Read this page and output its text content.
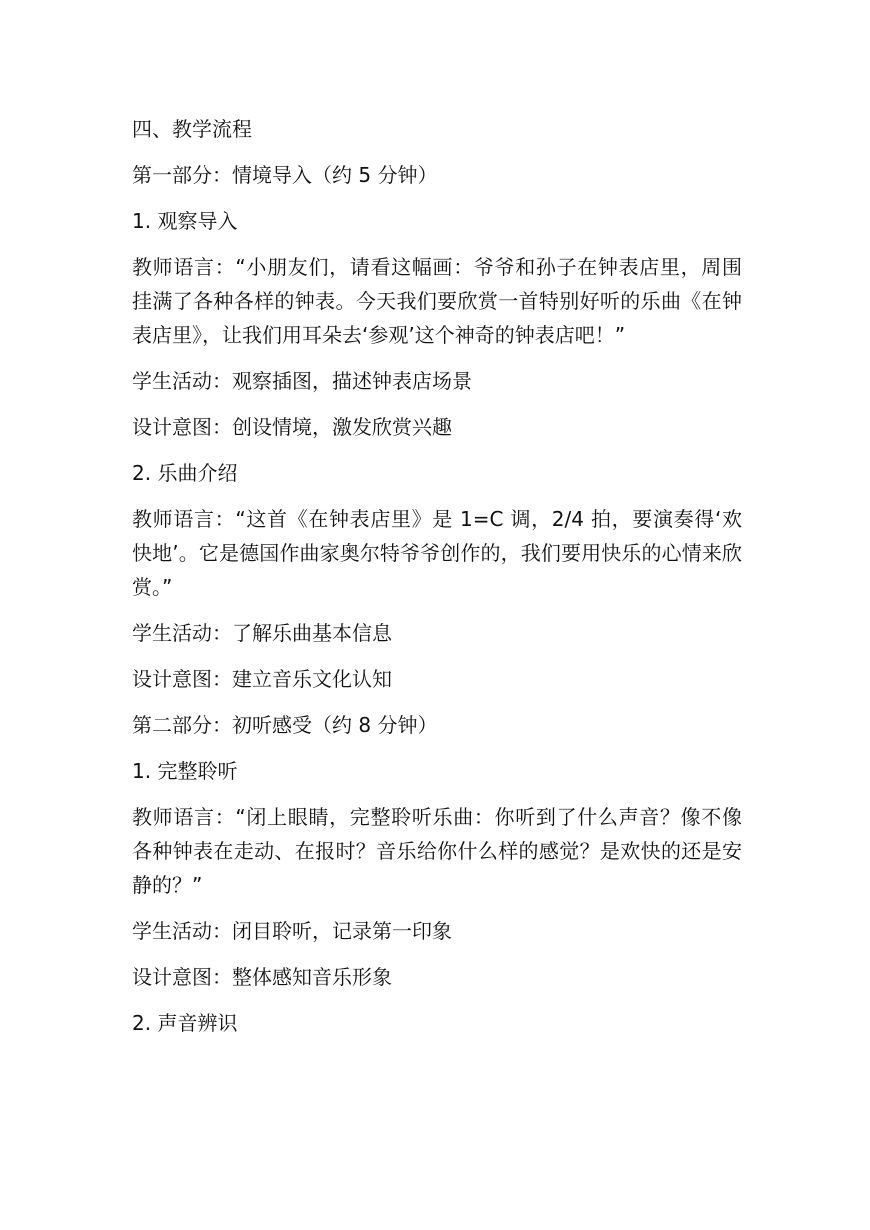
四、教学流程

第一部分：情境导入（约 5 分钟）

1. 观察导入

教师语言：“小朋友们，请看这幅画：爷爷和孙子在钟表店里，周围挂满了各种各样的钟表。今天我们要欣赏一首特别好听的乐曲《在钟表店里》，让我们用耳朵去‘参观’这个神奇的钟表店吧！”

学生活动：观察插图，描述钟表店场景

设计意图：创设情境，激发欣赏兴趣

2. 乐曲介绍

教师语言：“这首《在钟表店里》是 1=C 调，2/4 拍，要演奏得‘欢快地’。它是德国作曲家奥尔特爷爷创作的，我们要用快乐的心情来欣赏。”

学生活动：了解乐曲基本信息

设计意图：建立音乐文化认知

第二部分：初听感受（约 8 分钟）

1. 完整聆听

教师语言：“闭上眼睛，完整聆听乐曲：你听到了什么声音？像不像各种钟表在走动、在报时？音乐给你什么样的感觉？是欢快的还是安静的？”

学生活动：闭目聆听，记录第一印象

设计意图：整体感知音乐形象

2. 声音辨识
